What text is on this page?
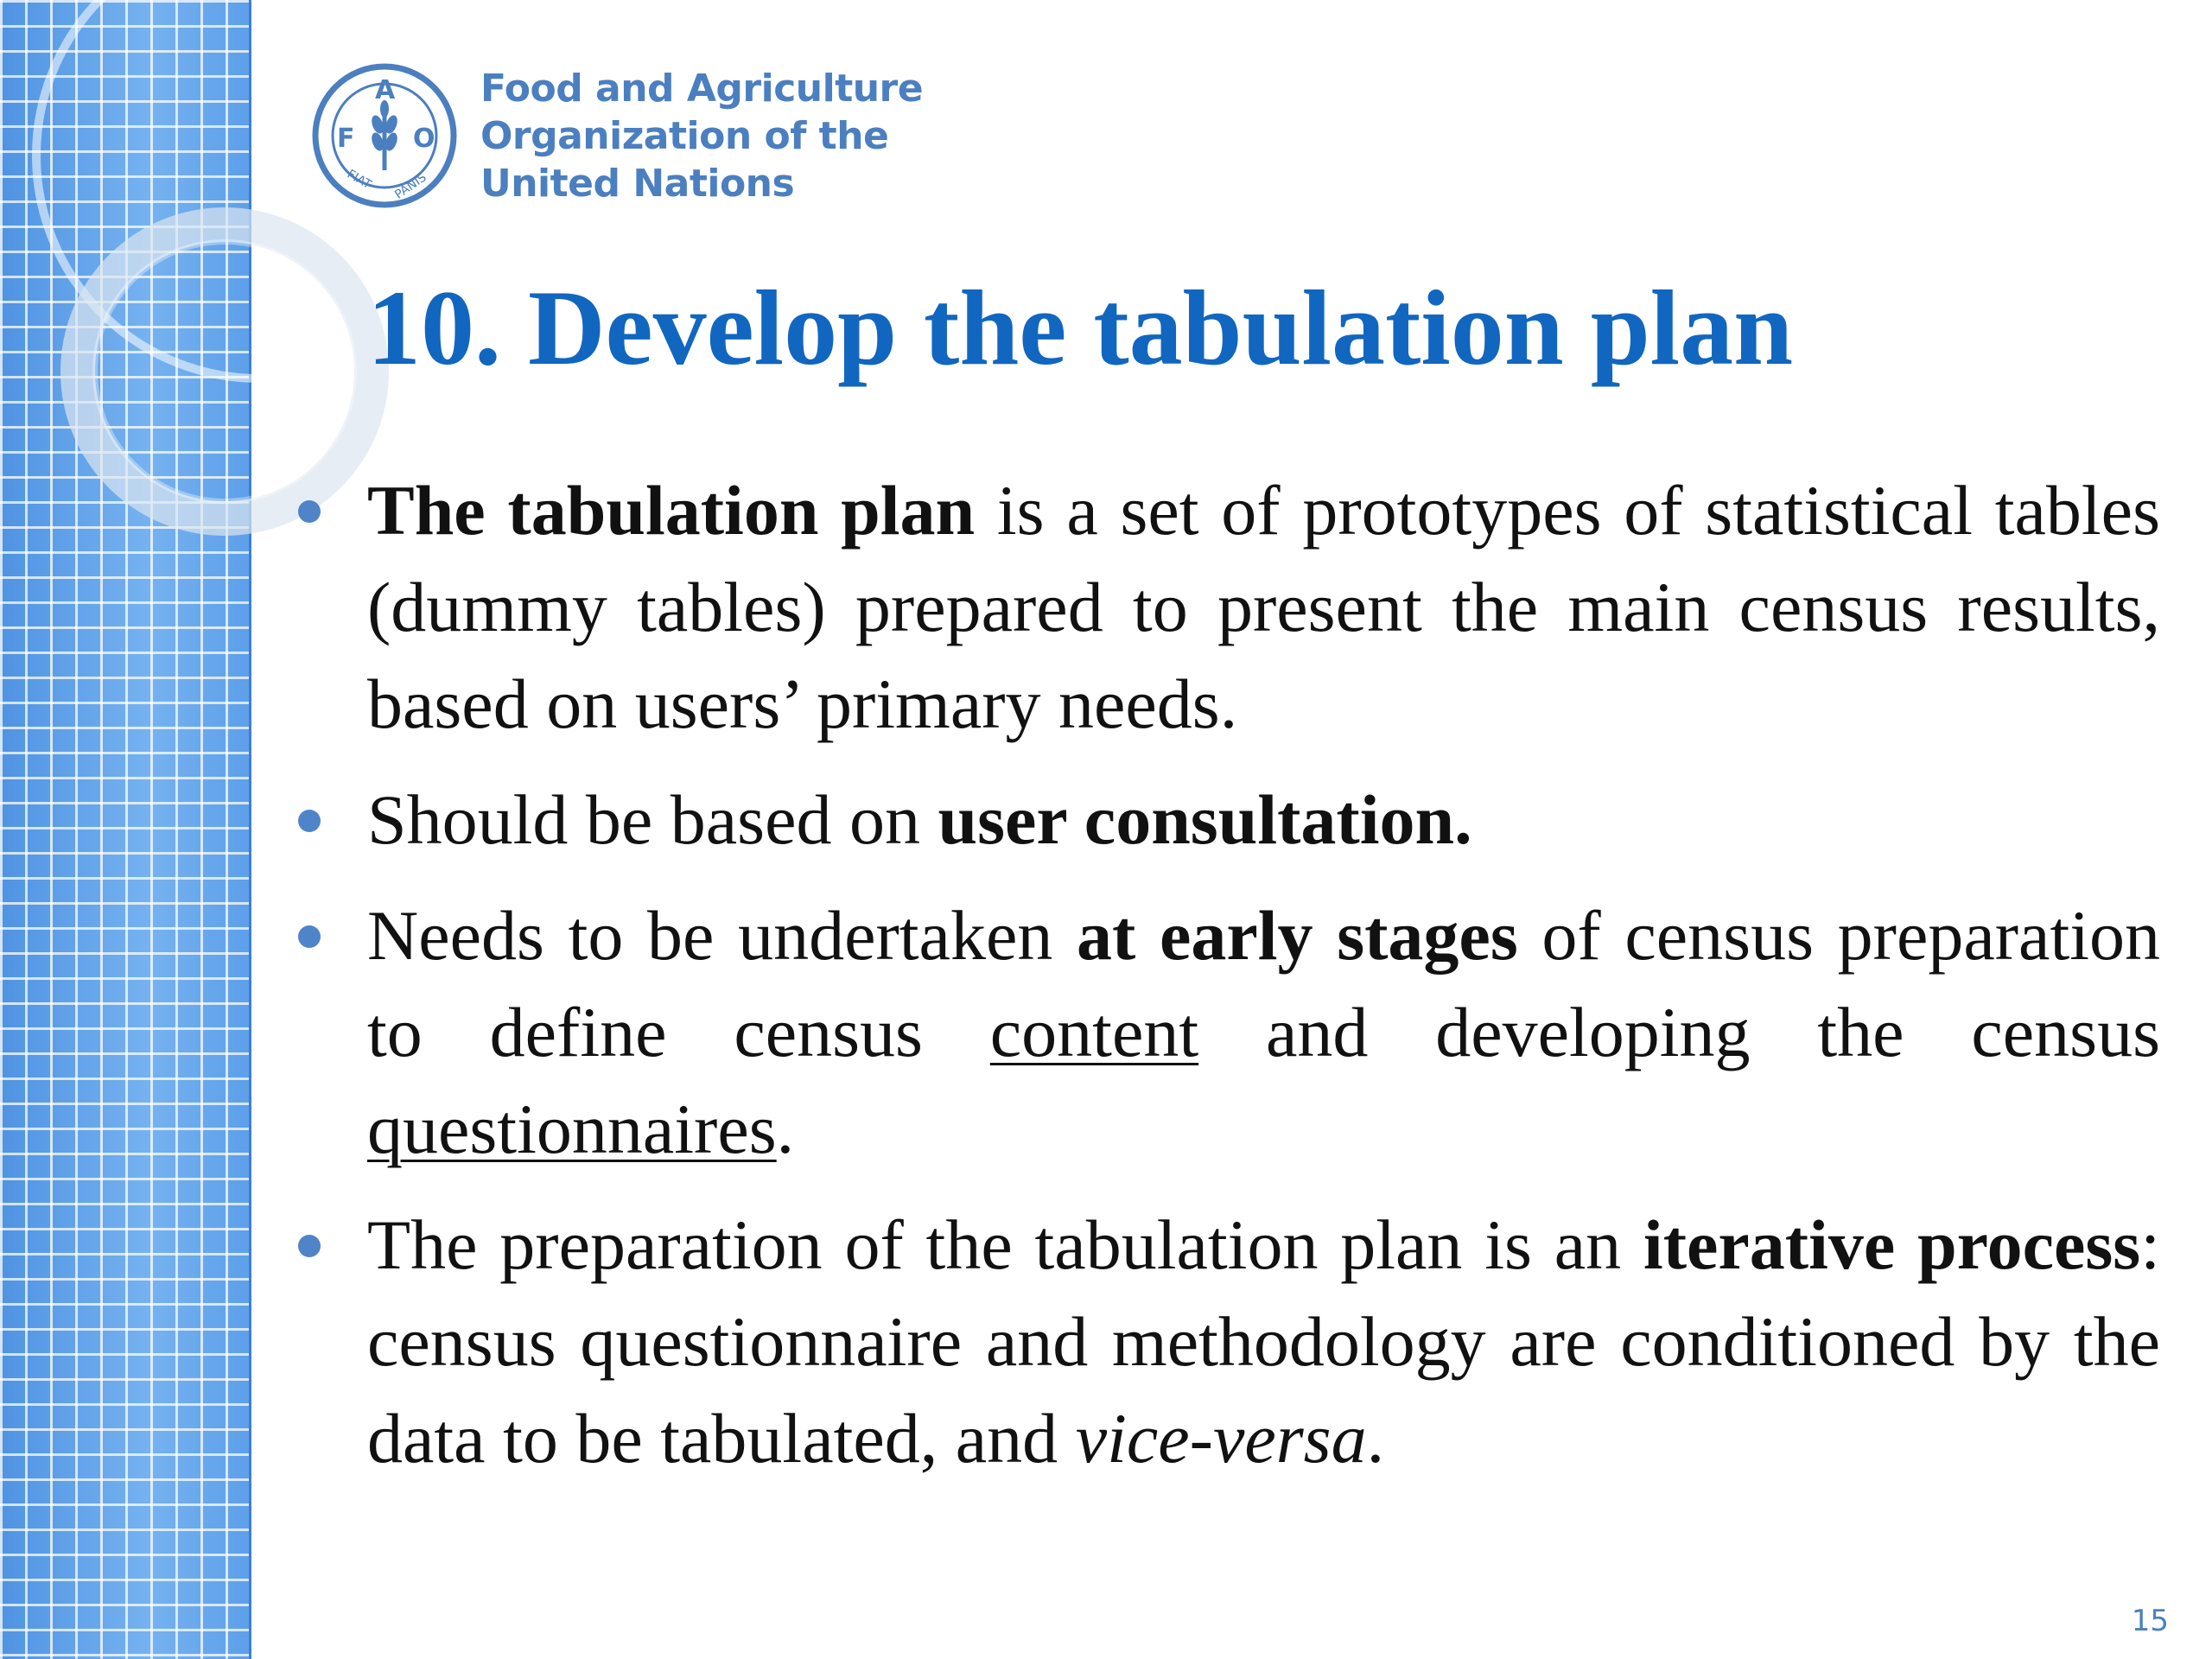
F
A
O
FIAT PANIS
Food and Agriculture
Organization of the
United Nations
10. Develop the tabulation plan
The tabulation plan is a set of prototypes of statistical tables (dummy tables) prepared to present the main census results, based on users’ primary needs.
Should be based on user consultation.
Needs to be undertaken at early stages of census preparation to define census content and developing the census questionnaires.
The preparation of the tabulation plan is an iterative process: census questionnaire and methodology are conditioned by the data to be tabulated, and vice-versa.
15
